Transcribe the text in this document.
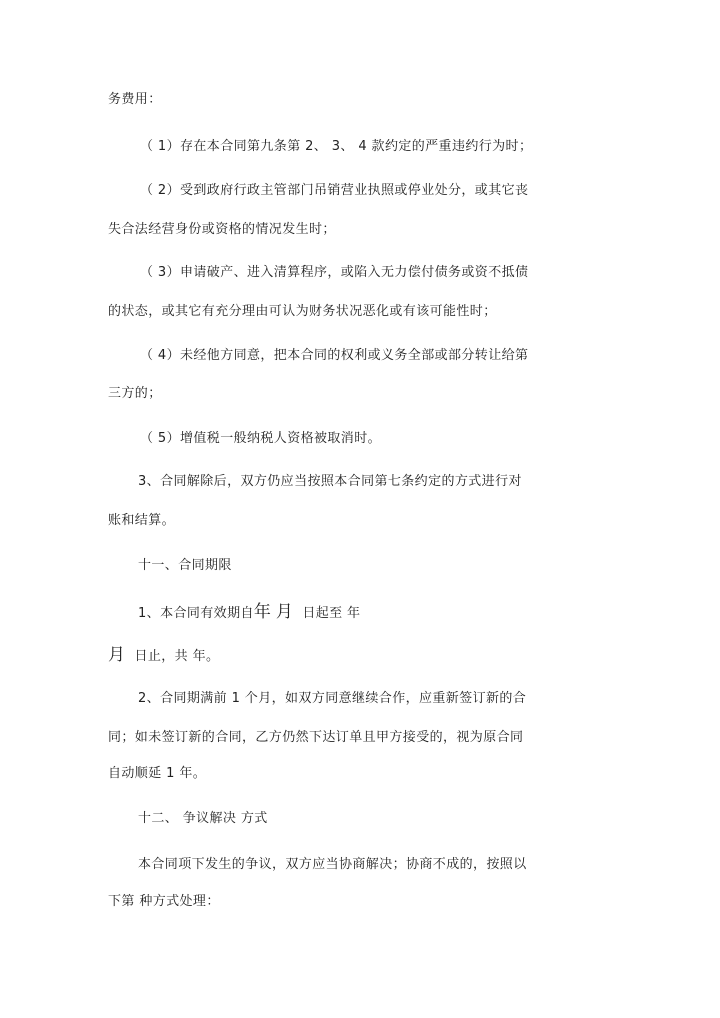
务费用：
（ 1）存在本合同第九条第 2、 3、 4 款约定的严重违约行为时；
（ 2）受到政府行政主管部门吊销营业执照或停业处分，或其它丧
失合法经营身份或资格的情况发生时；
（ 3）申请破产、进入清算程序，或陷入无力偿付债务或资不抵债
的状态，或其它有充分理由可认为财务状况恶化或有该可能性时；
（ 4）未经他方同意，把本合同的权利或义务全部或部分转让给第
三方的；
（ 5）增值税一般纳税人资格被取消时。
3、合同解除后，双方仍应当按照本合同第七条约定的方式进行对
账和结算。
十一、合同期限
1、本合同有效期自年 月 日起至 年
月 日止，共 年。
2、合同期满前 1 个月，如双方同意继续合作，应重新签订新的合
同；如未签订新的合同，乙方仍然下达订单且甲方接受的，视为原合同
自动顺延 1 年。
十二、 争议解决 方式
本合同项下发生的争议，双方应当协商解决；协商不成的，按照以
下第 种方式处理：
